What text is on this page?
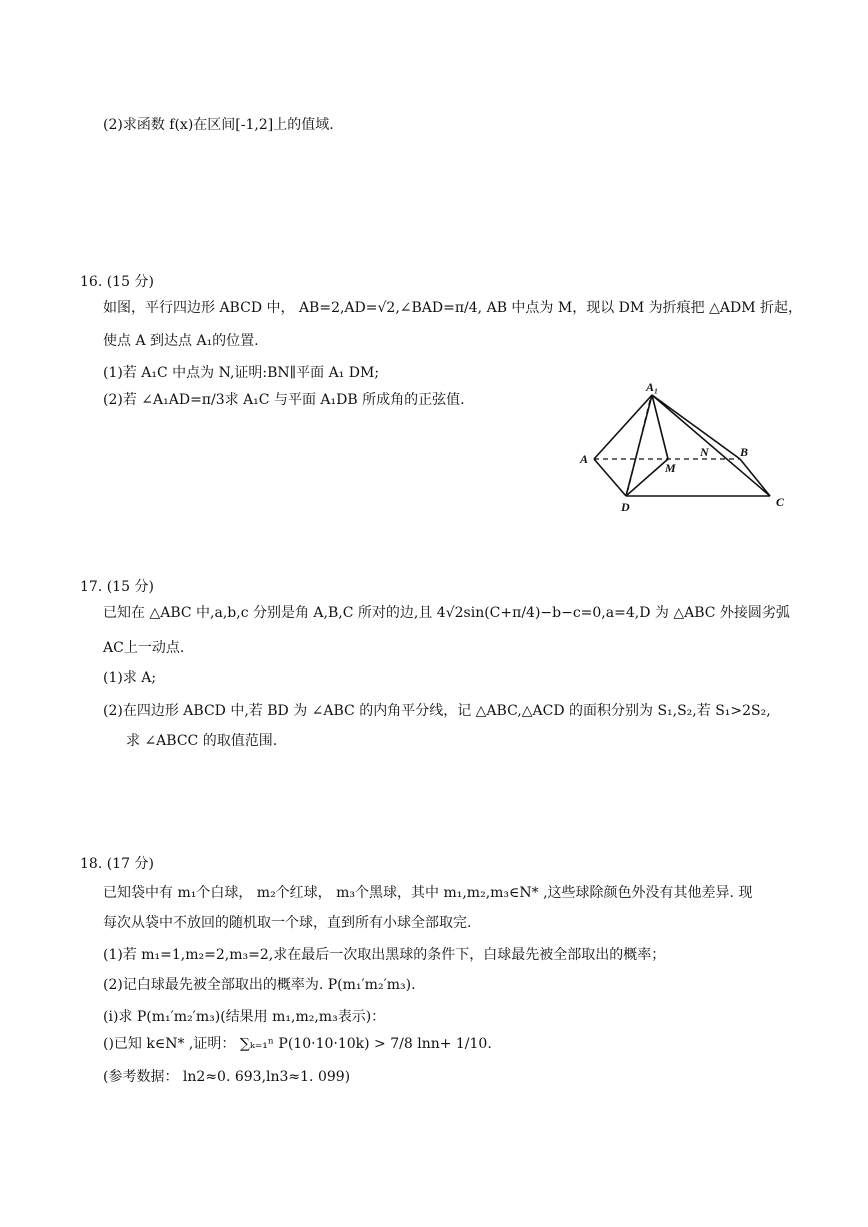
(2)求函数 f(x)在区间[-1,2]上的值域.
16. (15 分)
如图，平行四边形 ABCD 中， AB=2,AD=√2,∠BAD=π/4, AB 中点为 M，现以 DM 为折痕把 △ADM 折起，
使点 A 到达点 A₁的位置.
(1)若 A₁C 中点为 N,证明:BN∥平面 A₁ DM;
(2)若 ∠A₁AD=π/3求 A₁C 与平面 A₁DB 所成角的正弦值.
A₁
A
M
N	B
D	C
17. (15 分)
已知在 △ABC 中,a,b,c 分别是角 A,B,C 所对的边,且 4√2sin(C+π/4)−b−c=0,a=4,D 为 △ABC 外接圆劣弧
AC上一动点.
(1)求 A;
(2)在四边形 ABCD 中,若 BD 为 ∠ABC 的内角平分线，记 △ABC,△ACD 的面积分别为 S₁,S₂,若 S₁>2S₂,
求 ∠ABCC 的取值范围.
18. (17 分)
已知袋中有 m₁个白球， m₂个红球， m₃个黑球，其中 m₁,m₂,m₃∈N* ,这些球除颜色外没有其他差异. 现
每次从袋中不放回的随机取一个球，直到所有小球全部取完.
(1)若 m₁=1,m₂=2,m₃=2,求在最后一次取出黑球的条件下，白球最先被全部取出的概率；
(2)记白球最先被全部取出的概率为. P(m₁′m₂′m₃).
(i)求 P(m₁′m₂′m₃)(结果用 m₁,m₂,m₃表示)：
()已知 k∈N* ,证明： ∑ₖ₌₁ⁿ P(10‧10‧10k) > 7/8 lnn+ 1/10.
(参考数据： ln2≈0. 693,ln3≈1. 099)
